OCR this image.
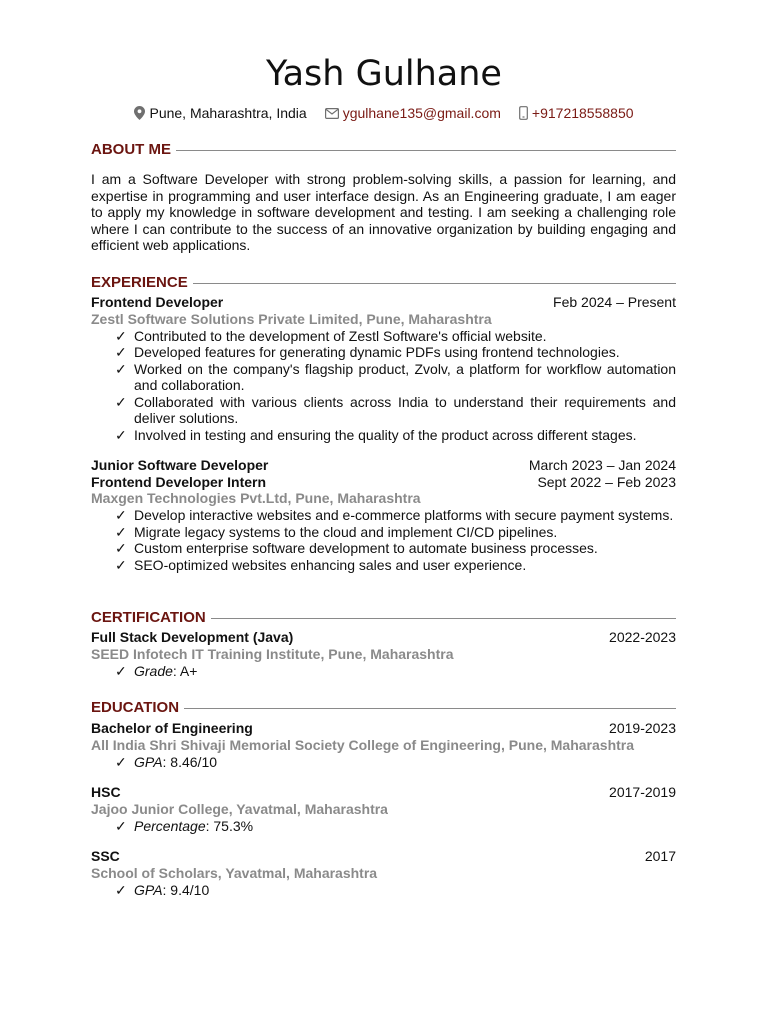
Yash Gulhane
Pune, Maharashtra, India	ygulhane135@gmail.com +917218558850
ABOUT ME
I am a Software Developer with strong problem-solving skills, a passion for learning, and expertise in programming and user interface design. As an Engineering graduate, I am eager to apply my knowledge in software development and testing. I am seeking a challenging role where I can contribute to the success of an innovative organization by building engaging and efficient web applications.
EXPERIENCE
Frontend Developer	Feb 2024 – Present
Zestl Software Solutions Private Limited, Pune, Maharashtra
✓ Contributed to the development of Zestl Software's official website.
✓ Developed features for generating dynamic PDFs using frontend technologies.
✓ Worked on the company's flagship product, Zvolv, a platform for workflow automation and collaboration.
✓ Collaborated with various clients across India to understand their requirements and deliver solutions.
✓ Involved in testing and ensuring the quality of the product across different stages.
Junior Software Developer	March 2023 – Jan 2024
Frontend Developer Intern	Sept 2022 – Feb 2023
Maxgen Technologies Pvt.Ltd, Pune, Maharashtra
✓ Develop interactive websites and e-commerce platforms with secure payment systems.
✓ Migrate legacy systems to the cloud and implement CI/CD pipelines.
✓ Custom enterprise software development to automate business processes.
✓ SEO-optimized websites enhancing sales and user experience.
CERTIFICATION
Full Stack Development (Java)	2022-2023
SEED Infotech IT Training Institute, Pune, Maharashtra
✓ Grade: A+
EDUCATION
Bachelor of Engineering	2019-2023
All India Shri Shivaji Memorial Society College of Engineering, Pune, Maharashtra
✓ GPA: 8.46/10
HSC	2017-2019
Jajoo Junior College, Yavatmal, Maharashtra
✓ Percentage: 75.3%
SSC	2017
School of Scholars, Yavatmal, Maharashtra
✓ GPA: 9.4/10
